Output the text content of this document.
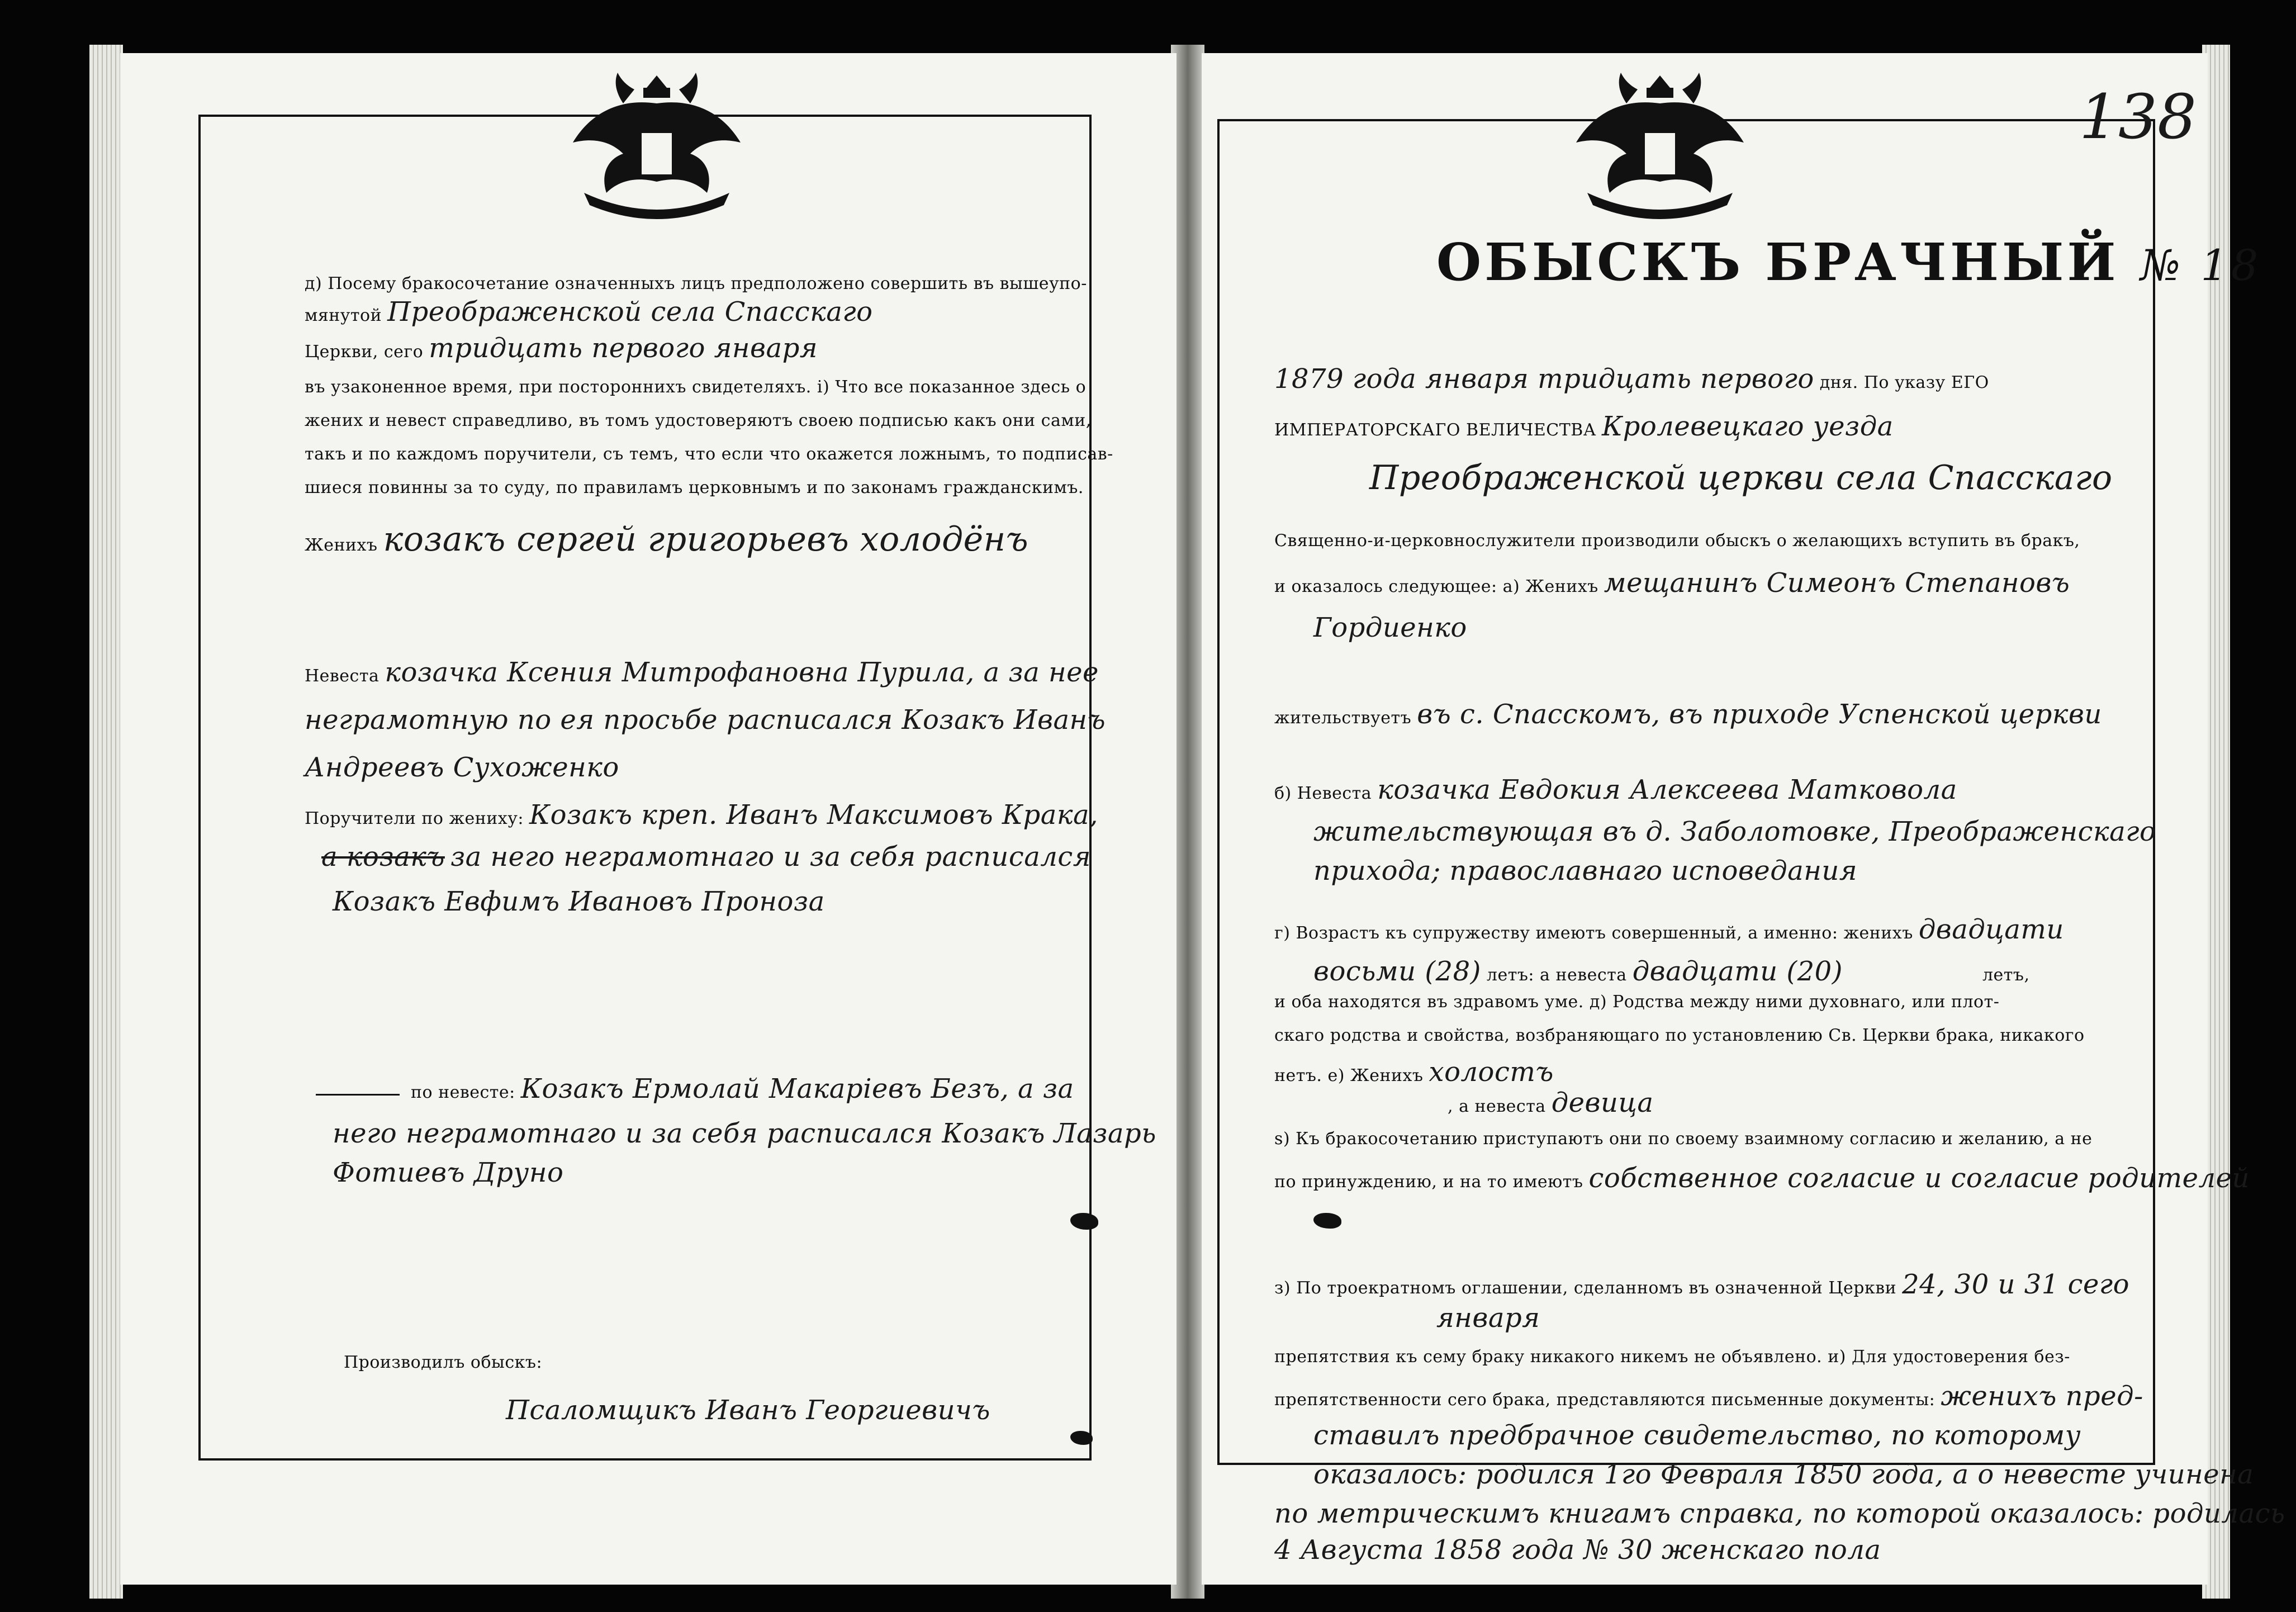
д) Посему бракосочетание означенныхъ лицъ предположено совершить въ вышеупо-
мянутой Преображенской села Спасскаго
Церкви, сего тридцать первого января
въ узаконенное время, при постороннихъ свидетеляхъ. і) Что все показанное здесь о
жених и невест справедливо, въ томъ удостоверяютъ своею подписью какъ они сами,
такъ и по каждомъ поручители, съ темъ, что если что окажется ложнымъ, то подписав-
шиеся повинны за то суду, по правиламъ церковнымъ и по законамъ гражданскимъ.
Женихъ козакъ сергей григорьевъ холодёнъ
Невеста козачка Ксения Митрофановна Пурила, а за нее
неграмотную по ея просьбе расписался Козакъ Иванъ
Андреевъ Сухоженко
Поручители по жениху: Козакъ креп. Иванъ Максимовъ Крака,
а козакъ за него неграмотнаго и за себя расписался
Козакъ Евфимъ Ивановъ Проноза
по невесте: Козакъ Ермолай Макарiевъ Безъ, а за
него неграмотнаго и за себя расписался Козакъ Лазарь
Фотиевъ Друно
Производилъ обыскъ:
Псаломщикъ Иванъ Георгиевичъ
138
ОБЫСКЪ БРАЧНЫЙ № 18
1879 года января тридцать первого дня. По указу ЕГО
ИМПЕРАТОРСКАГО ВЕЛИЧЕСТВА Кролевецкаго уезда
Преображенской церкви села Спасскаго
Священно-и-церковнослужители производили обыскъ о желающихъ вступить въ бракъ,
и оказалось следующее: а) Женихъ мещанинъ Симеонъ Степановъ
Гордиенко
жительствуетъ въ с. Спасскомъ, въ приходе Успенской церкви
б) Невеста козачка Евдокия Алексеева Матковола
жительствующая въ д. Заболотовке, Преображенскаго
прихода; православнаго исповедания
г) Возрастъ къ супружеству имеютъ совершенный, а именно: женихъ двадцати
восьми (28) летъ: а невеста двадцати (20)	летъ,
и оба находятся въ здравомъ уме. д) Родства между ними духовнаго, или плот-
скаго родства и свойства, возбраняющаго по установлению Св. Церкви брака, никакого
нетъ. е) Женихъ холостъ
, а невеста девица
ѕ) Къ бракосочетанию приступаютъ они по своему взаимному согласию и желанию, а не
по принуждению, и на то имеютъ собственное согласие и согласие родителей
з) По троекратномъ оглашении, сделанномъ въ означенной Церкви 24, 30 и 31 сего
января
препятствия къ сему браку никакого никемъ не объявлено. и) Для удостоверения без-
препятственности сего брака, представляются письменные документы: женихъ пред-
ставилъ предбрачное свидетельство, по которому
оказалось: родился 1го Февраля 1850 года, а о невесте учинена
по метрическимъ книгамъ справка, по которой оказалось: родилась
4 Августа 1858 года № 30 женскаго пола
